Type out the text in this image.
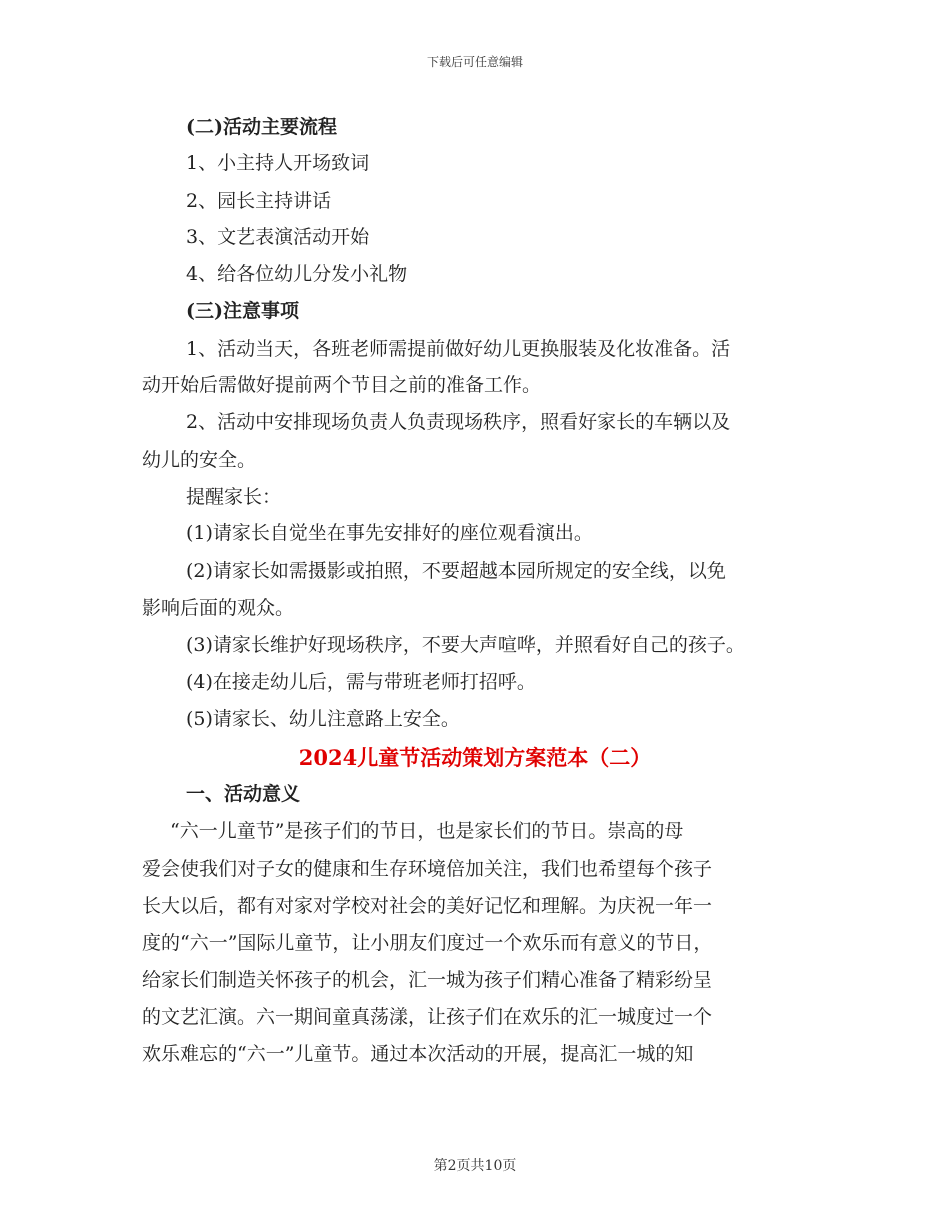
下载后可任意编辑
(二)活动主要流程
1、小主持人开场致词
2、园长主持讲话
3、文艺表演活动开始
4、给各位幼儿分发小礼物
(三)注意事项
1、活动当天，各班老师需提前做好幼儿更换服装及化妆准备。活
动开始后需做好提前两个节目之前的准备工作。
2、活动中安排现场负责人负责现场秩序，照看好家长的车辆以及
幼儿的安全。
提醒家长：
(1)请家长自觉坐在事先安排好的座位观看演出。
(2)请家长如需摄影或拍照，不要超越本园所规定的安全线，以免
影响后面的观众。
(3)请家长维护好现场秩序，不要大声喧哗，并照看好自己的孩子。
(4)在接走幼儿后，需与带班老师打招呼。
(5)请家长、幼儿注意路上安全。
2024儿童节活动策划方案范本（二）
一、活动意义
“六一儿童节”是孩子们的节日，也是家长们的节日。崇高的母
爱会使我们对子女的健康和生存环境倍加关注，我们也希望每个孩子
长大以后，都有对家对学校对社会的美好记忆和理解。为庆祝一年一
度的“六一”国际儿童节，让小朋友们度过一个欢乐而有意义的节日，
给家长们制造关怀孩子的机会，汇一城为孩子们精心准备了精彩纷呈
的文艺汇演。六一期间童真荡漾，让孩子们在欢乐的汇一城度过一个
欢乐难忘的“六一”儿童节。通过本次活动的开展，提高汇一城的知
第2页共10页
